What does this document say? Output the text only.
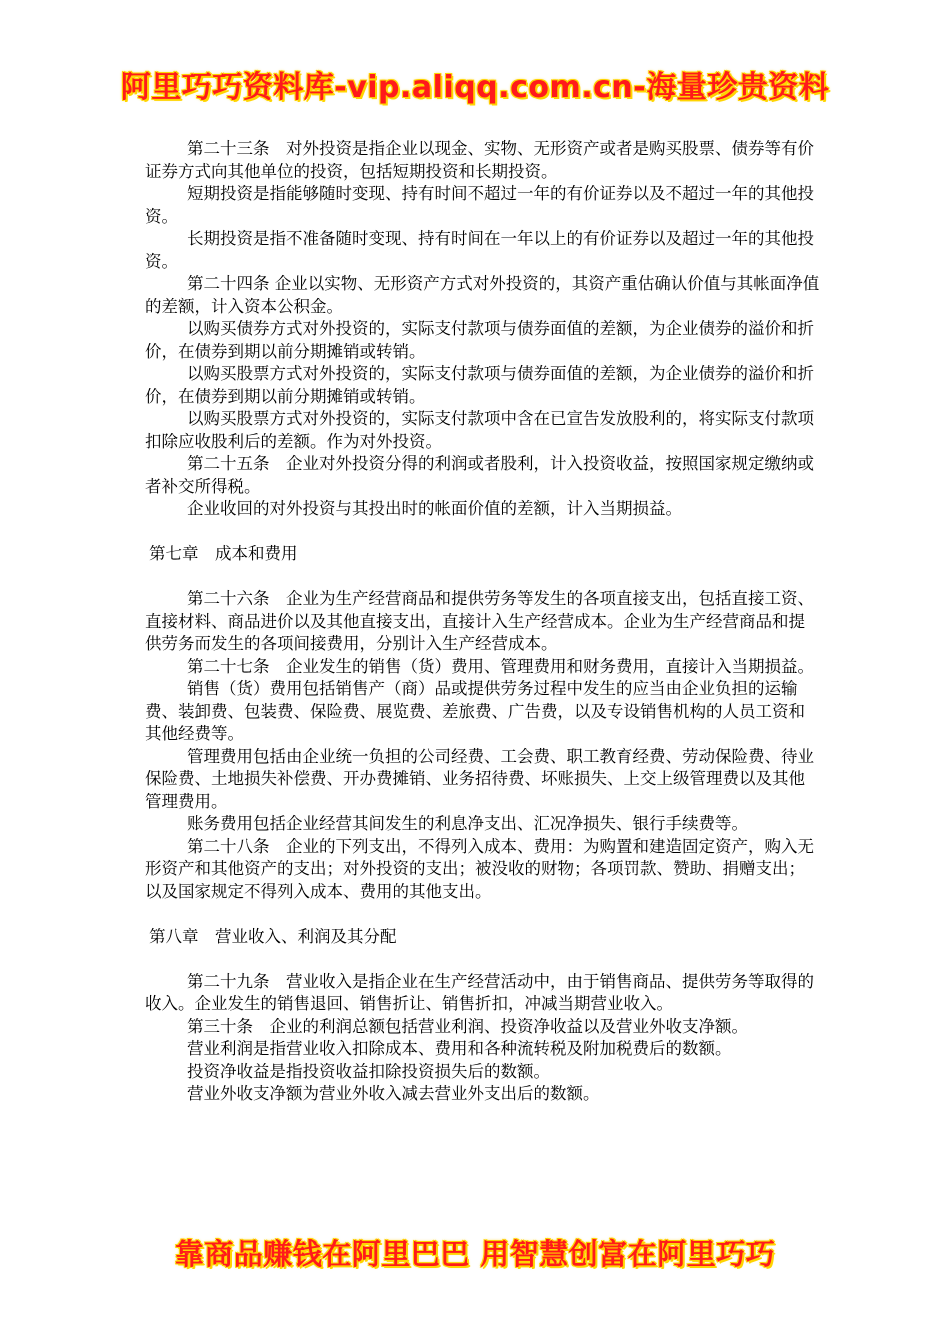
阿里巧巧资料库-vip.aliqq.com.cn-海量珍贵资料

第二十三条　对外投资是指企业以现金、实物、无形资产或者是购买股票、债券等有价证券方式向其他单位的投资，包括短期投资和长期投资。

短期投资是指能够随时变现、持有时间不超过一年的有价证券以及不超过一年的其他投资。

长期投资是指不准备随时变现、持有时间在一年以上的有价证券以及超过一年的其他投资。

第二十四条 企业以实物、无形资产方式对外投资的，其资产重估确认价值与其帐面净值的差额，计入资本公积金。

以购买债券方式对外投资的，实际支付款项与债券面值的差额，为企业债券的溢价和折价，在债券到期以前分期摊销或转销。

以购买股票方式对外投资的，实际支付款项与债券面值的差额，为企业债券的溢价和折价，在债券到期以前分期摊销或转销。

以购买股票方式对外投资的，实际支付款项中含在已宣告发放股利的，将实际支付款项扣除应收股利后的差额。作为对外投资。

第二十五条　企业对外投资分得的利润或者股利，计入投资收益，按照国家规定缴纳或者补交所得税。

企业收回的对外投资与其投出时的帐面价值的差额，计入当期损益。

第七章　成本和费用

第二十六条　企业为生产经营商品和提供劳务等发生的各项直接支出，包括直接工资、直接材料、商品进价以及其他直接支出，直接计入生产经营成本。企业为生产经营商品和提供劳务而发生的各项间接费用，分别计入生产经营成本。

第二十七条　企业发生的销售（货）费用、管理费用和财务费用，直接计入当期损益。

销售（货）费用包括销售产（商）品或提供劳务过程中发生的应当由企业负担的运输费、装卸费、包装费、保险费、展览费、差旅费、广告费，以及专设销售机构的人员工资和其他经费等。

管理费用包括由企业统一负担的公司经费、工会费、职工教育经费、劳动保险费、待业保险费、土地损失补偿费、开办费摊销、业务招待费、坏账损失、上交上级管理费以及其他管理费用。

账务费用包括企业经营其间发生的利息净支出、汇况净损失、银行手续费等。

第二十八条　企业的下列支出，不得列入成本、费用：为购置和建造固定资产，购入无形资产和其他资产的支出；对外投资的支出；被没收的财物；各项罚款、赞助、捐赠支出；以及国家规定不得列入成本、费用的其他支出。

第八章　营业收入、利润及其分配

第二十九条　营业收入是指企业在生产经营活动中，由于销售商品、提供劳务等取得的收入。企业发生的销售退回、销售折让、销售折扣，冲减当期营业收入。

第三十条　企业的利润总额包括营业利润、投资净收益以及营业外收支净额。

营业利润是指营业收入扣除成本、费用和各种流转税及附加税费后的数额。

投资净收益是指投资收益扣除投资损失后的数额。

营业外收支净额为营业外收入减去营业外支出后的数额。

靠商品赚钱在阿里巴巴 用智慧创富在阿里巧巧
